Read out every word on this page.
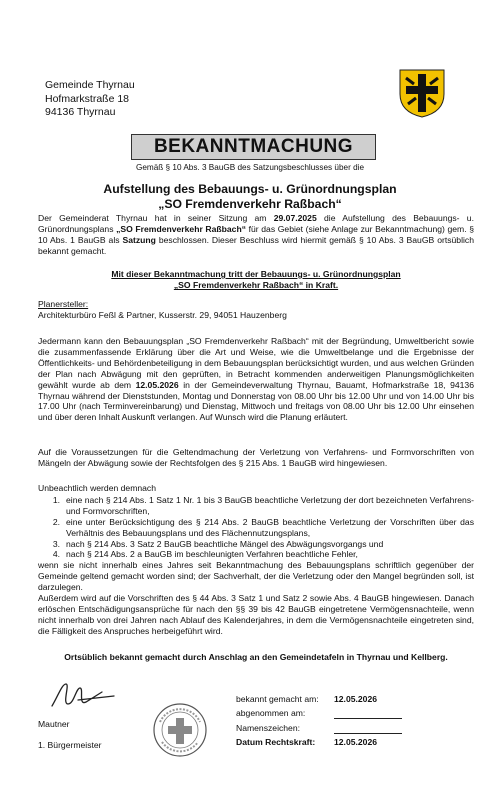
Gemeinde Thyrnau
Hofmarkstraße 18
94136 Thyrnau
BEKANNTMACHUNG
Gemäß § 10 Abs. 3 BauGB des Satzungsbeschlusses über die
Aufstellung des Bebauungs- u. Grünordnungsplan
„SO Fremdenverkehr Raßbach“
Der Gemeinderat Thyrnau hat in seiner Sitzung am 29.07.2025 die Aufstellung des Bebauungs- u. Grünordnungsplans „SO Fremdenverkehr Raßbach“ für das Gebiet (siehe Anlage zur Bekanntmachung) gem. § 10 Abs. 1 BauGB als Satzung beschlossen. Dieser Beschluss wird hiermit gemäß § 10 Abs. 3 BauGB ortsüblich bekannt gemacht.
Mit dieser Bekanntmachung tritt der Bebauungs- u. Grünordnungsplan
„SO Fremdenverkehr Raßbach“ in Kraft.
Planersteller:
Architekturbüro Feßl & Partner, Kusserstr. 29, 94051 Hauzenberg
Jedermann kann den Bebauungsplan „SO Fremdenverkehr Raßbach“ mit der Begründung, Umweltbericht sowie die zusammenfassende Erklärung über die Art und Weise, wie die Umweltbelange und die Ergebnisse der Öffentlichkeits- und Behördenbeteiligung in dem Bebauungsplan berücksichtigt wurden, und aus welchen Gründen der Plan nach Abwägung mit den geprüften, in Betracht kommenden anderweitigen Planungsmöglichkeiten gewählt wurde ab dem 12.05.2026 in der Gemeindeverwaltung Thyrnau, Bauamt, Hofmarkstraße 18, 94136 Thyrnau während der Dienststunden, Montag und Donnerstag von 08.00 Uhr bis 12.00 Uhr und von 14.00 Uhr bis 17.00 Uhr (nach Terminvereinbarung) und Dienstag, Mittwoch und freitags von 08.00 Uhr bis 12.00 Uhr einsehen und über deren Inhalt Auskunft verlangen. Auf Wunsch wird die Planung erläutert.
Auf die Voraussetzungen für die Geltendmachung der Verletzung von Verfahrens- und Formvorschriften von Mängeln der Abwägung sowie der Rechtsfolgen des § 215 Abs. 1 BauGB wird hingewiesen.
Unbeachtlich werden demnach
1. eine nach § 214 Abs. 1 Satz 1 Nr. 1 bis 3 BauGB beachtliche Verletzung der dort bezeichneten Verfahrens- und Formvorschriften,
2. eine unter Berücksichtigung des § 214 Abs. 2 BauGB beachtliche Verletzung der Vorschriften über das Verhältnis des Bebauungsplans und des Flächennutzungsplans,
3. nach § 214 Abs. 3 Satz 2 BauGB beachtliche Mängel des Abwägungsvorgangs und
4. nach § 214 Abs. 2 a BauGB im beschleunigten Verfahren beachtliche Fehler,
wenn sie nicht innerhalb eines Jahres seit Bekanntmachung des Bebauungsplans schriftlich gegenüber der Gemeinde geltend gemacht worden sind; der Sachverhalt, der die Verletzung oder den Mangel begründen soll, ist darzulegen.
Außerdem wird auf die Vorschriften des § 44 Abs. 3 Satz 1 und Satz 2 sowie Abs. 4 BauGB hingewiesen. Danach erlöschen Entschädigungsansprüche für nach den §§ 39 bis 42 BauGB eingetretene Vermögensnachteile, wenn nicht innerhalb von drei Jahren nach Ablauf des Kalenderjahres, in dem die Vermögensnachteile eingetreten sind, die Fälligkeit des Anspruches herbeigeführt wird.
Ortsüblich bekannt gemacht durch Anschlag an den Gemeindetafeln in Thyrnau und Kellberg.
Mautner
1. Bürgermeister
bekannt gemacht am:	12.05.2026
abgenommen am:
Namenszeichen:
Datum Rechtskraft:	12.05.2026
